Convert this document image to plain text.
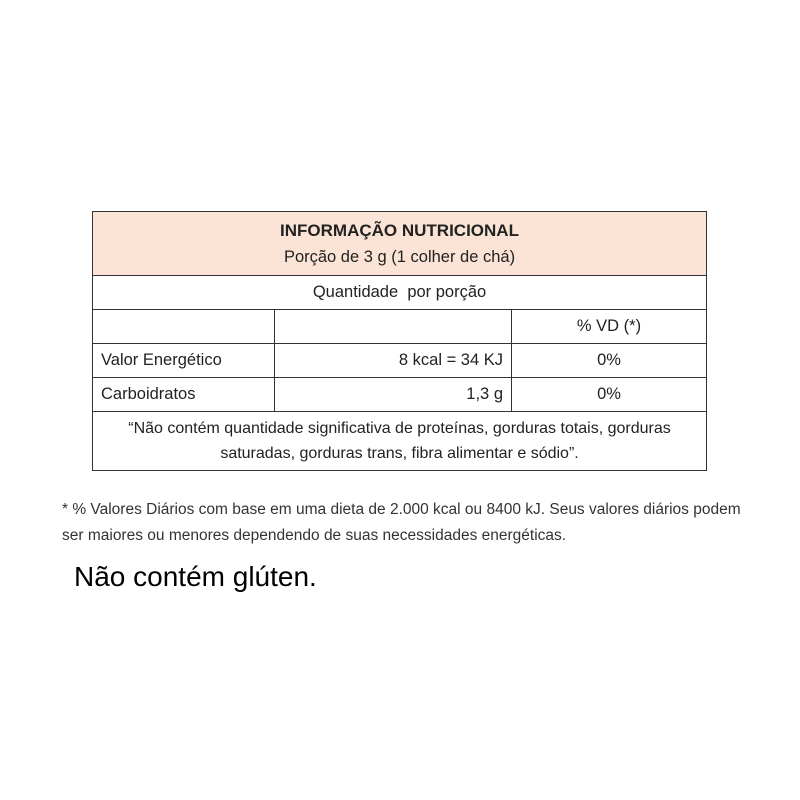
INFORMAÇÃO NUTRICIONAL
Porção de 3 g (1 colher de chá)		

Quantidade  por porção		
		% VD (*)
Valor Energético	8 kcal = 34 KJ	0%
Carboidratos	1,3 g	0%
“Não contém quantidade significativa de proteínas, gorduras totais, gorduras saturadas, gorduras trans, fibra alimentar e sódio”.		

* % Valores Diários com base em uma dieta de 2.000 kcal ou 8400 kJ. Seus valores diários podem ser maiores ou menores dependendo de suas necessidades energéticas.

Não contém glúten.
